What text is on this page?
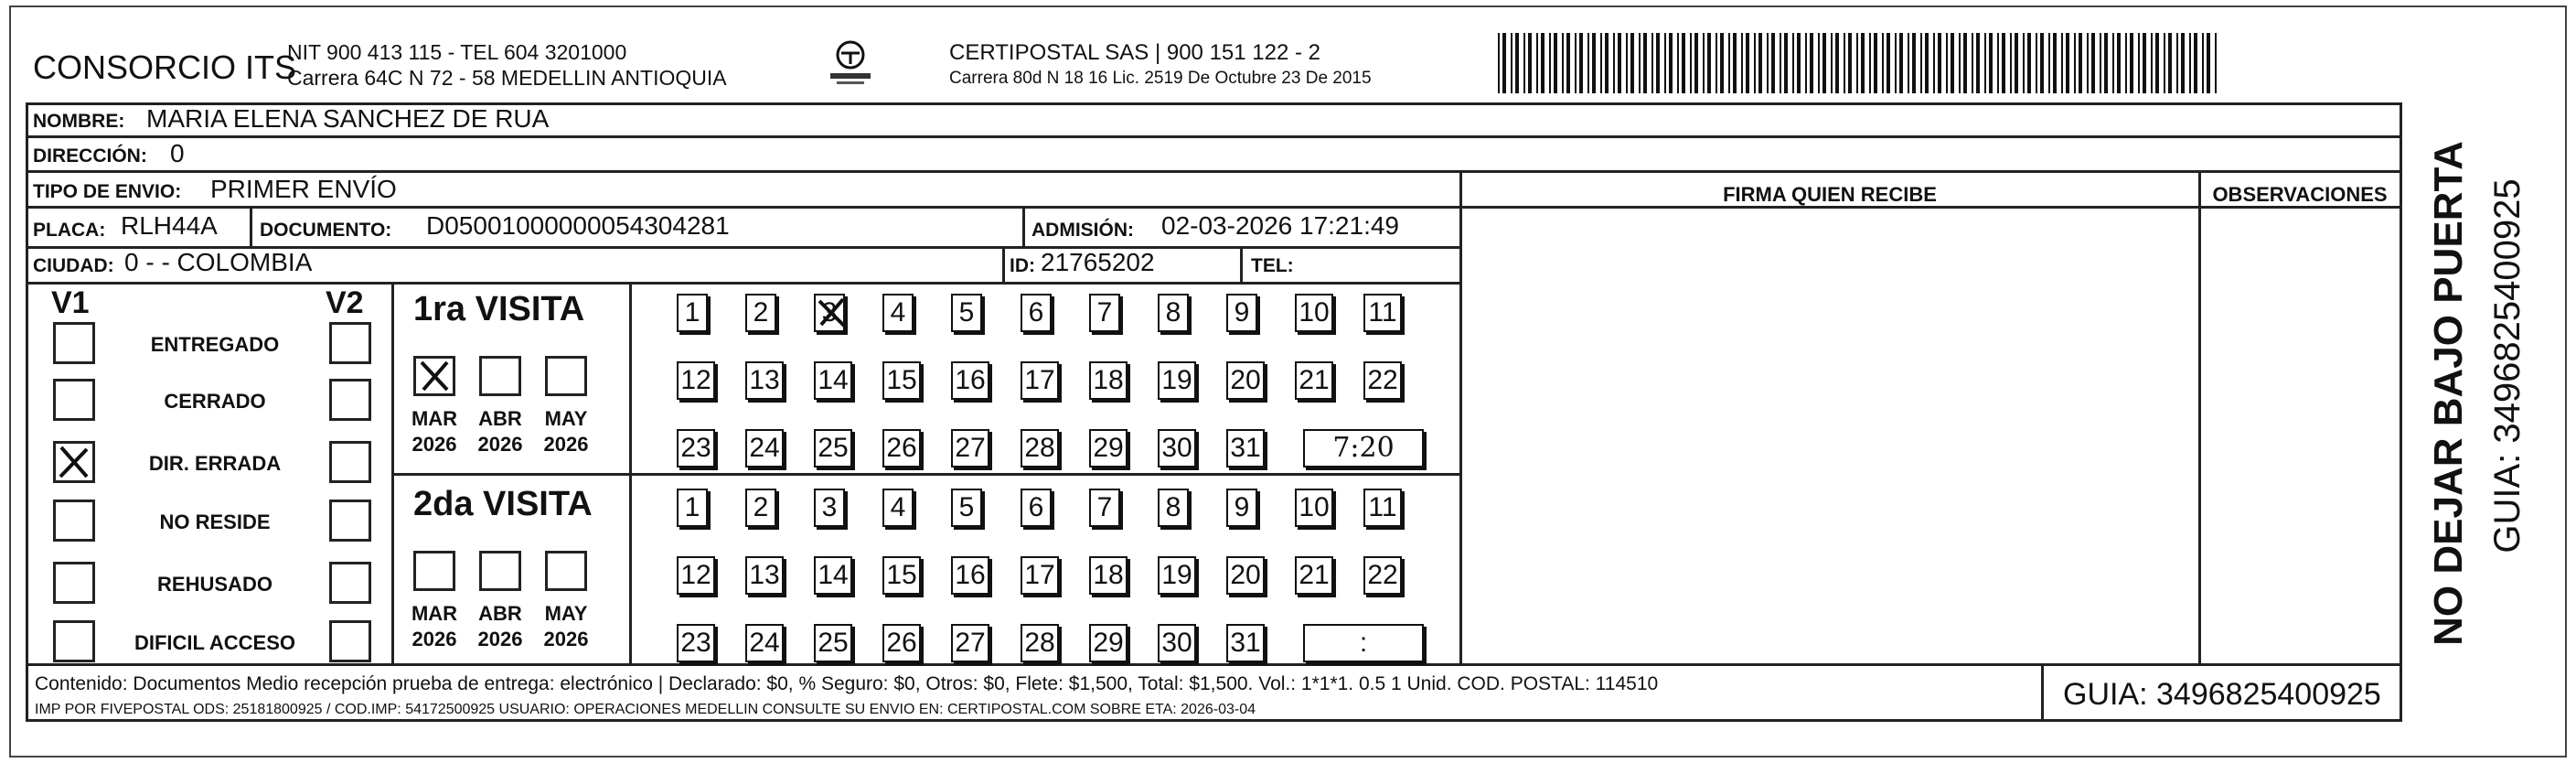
CONSORCIO ITS
NIT 900 413 115 - TEL 604 3201000
Carrera 64C N 72 - 58 MEDELLIN ANTIOQUIA
CERTIPOSTAL SAS | 900 151 122 - 2
Carrera 80d N 18 16 Lic. 2519 De Octubre 23 De 2015
NOMBRE: MARIA ELENA SANCHEZ DE RUA
DIRECCIÓN: 0
TIPO DE ENVIO: PRIMER ENVÍO
PLACA: RLH44A DOCUMENTO: D05001000000054304281	ADMISIÓN: 02-03-2026 17:21:49
CIUDAD: 0 - - COLOMBIA	ID: 21765202	TEL:
FIRMA QUIEN RECIBE	OBSERVACIONES
V1	V2
ENTREGADO
CERRADO
DIR. ERRADA
NO RESIDE
REHUSADO
DIFICIL ACCESO
1ra VISITA
MAR
2026
ABR
2026
MAY
2026
1 2 3 4 5 6 7 8 9 10 11
12 13 14 15 16 17 18 19 20 21 22
23 24 25 26 27 28 29 30 31	7:20
2da VISITA
MAR
2026
ABR
2026
MAY
2026
1 2 3 4 5 6 7 8 9 10 11
12 13 14 15 16 17 18 19 20 21 22
23 24 25 26 27 28 29 30 31	:
Contenido: Documentos Medio recepción prueba de entrega: electrónico | Declarado: $0, % Seguro: $0, Otros: $0, Flete: $1,500, Total: $1,500. Vol.: 1*1*1. 0.5 1 Unid. COD. POSTAL: 114510
IMP POR FIVEPOSTAL ODS: 25181800925 / COD.IMP: 54172500925 USUARIO: OPERACIONES MEDELLIN CONSULTE SU ENVIO EN: CERTIPOSTAL.COM SOBRE ETA: 2026-03-04	GUIA: 3496825400925
NO DEJAR BAJO PUERTA GUIA: 3496825400925
